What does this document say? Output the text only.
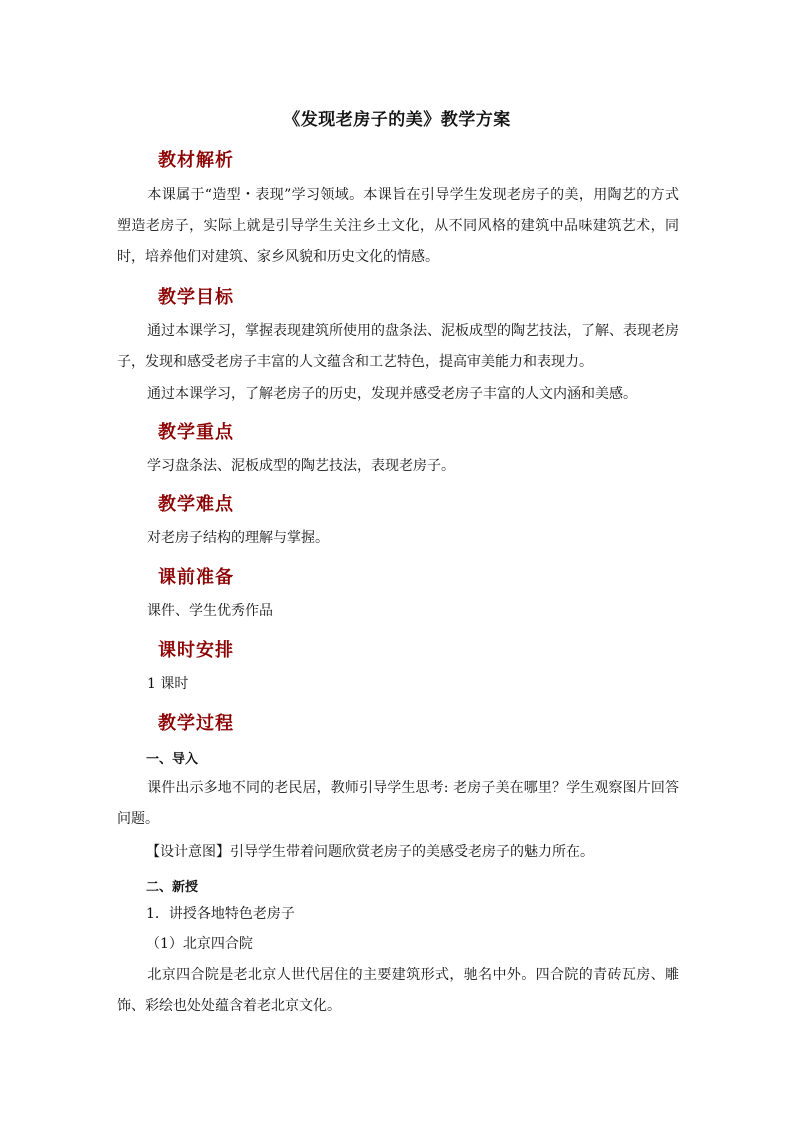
《发现老房子的美》教学方案
教材解析
本课属于“造型・表现”学习领域。本课旨在引导学生发现老房子的美，用陶艺的方式塑造老房子，实际上就是引导学生关注乡土文化，从不同风格的建筑中品味建筑艺术，同时，培养他们对建筑、家乡风貌和历史文化的情感。
教学目标
通过本课学习，掌握表现建筑所使用的盘条法、泥板成型的陶艺技法，了解、表现老房子，发现和感受老房子丰富的人文蕴含和工艺特色，提高审美能力和表现力。
通过本课学习，了解老房子的历史，发现并感受老房子丰富的人文内涵和美感。
教学重点
学习盘条法、泥板成型的陶艺技法，表现老房子。
教学难点
对老房子结构的理解与掌握。
课前准备
课件、学生优秀作品
课时安排
1 课时
教学过程
一、导入
课件出示多地不同的老民居，教师引导学生思考: 老房子美在哪里？学生观察图片回答问题。
【设计意图】引导学生带着问题欣赏老房子的美感受老房子的魅力所在。
二、新授
1．讲授各地特色老房子
（1）北京四合院
北京四合院是老北京人世代居住的主要建筑形式，驰名中外。四合院的青砖瓦房、雕饰、彩绘也处处蕴含着老北京文化。
